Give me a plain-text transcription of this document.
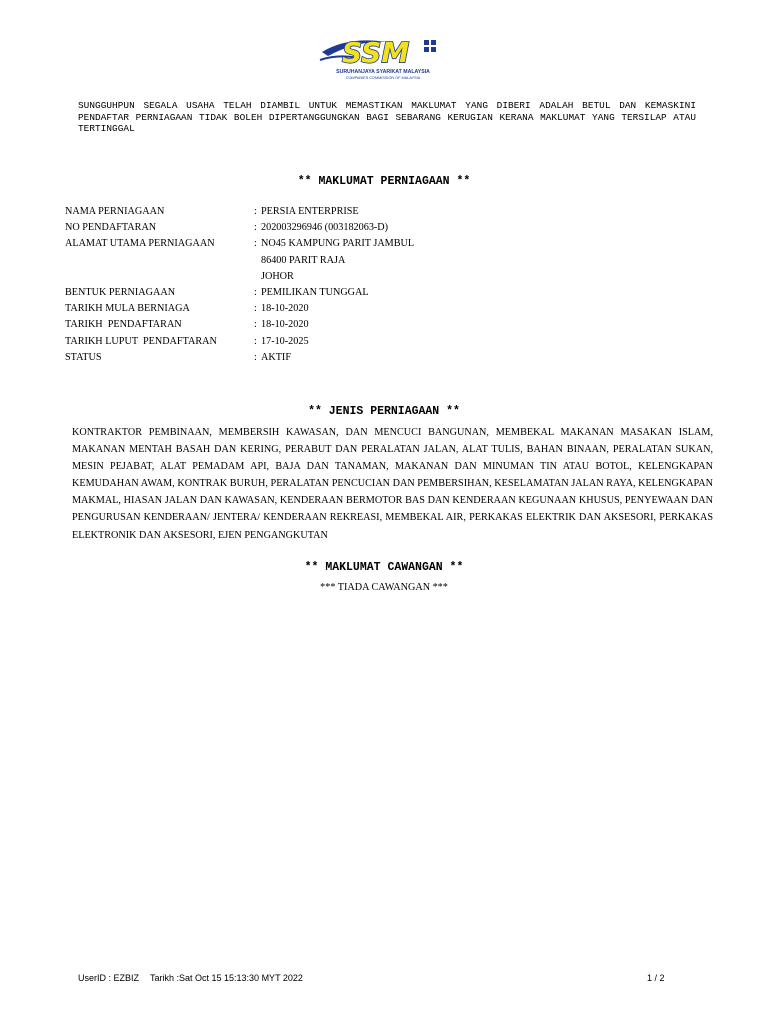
SSM
SURUHANJAYA SYARIKAT MALAYSIA
COMPANIES COMMISSION OF MALAYSIA
SUNGGUHPUN SEGALA USAHA TELAH DIAMBIL UNTUK MEMASTIKAN MAKLUMAT YANG DIBERI ADALAH BETUL DAN KEMASKINI PENDAFTAR PERNIAGAAN TIDAK BOLEH DIPERTANGGUNGKAN BAGI SEBARANG KERUGIAN KERANA MAKLUMAT YANG TERSILAP ATAU TERTINGGAL
** MAKLUMAT PERNIAGAAN **
NAMA PERNIAGAAN	: PERSIA ENTERPRISE
NO PENDAFTARAN	: 202003296946 (003182063-D)
ALAMAT UTAMA PERNIAGAAN	: NO45 KAMPUNG PARIT JAMBUL
86400 PARIT RAJA
JOHOR
BENTUK PERNIAGAAN	: PEMILIKAN TUNGGAL
TARIKH MULA BERNIAGA	: 18-10-2020
TARIKH  PENDAFTARAN	: 18-10-2020
TARIKH LUPUT  PENDAFTARAN	: 17-10-2025
STATUS	: AKTIF
** JENIS PERNIAGAAN **
KONTRAKTOR PEMBINAAN, MEMBERSIH KAWASAN, DAN MENCUCI BANGUNAN, MEMBEKAL MAKANAN MASAKAN ISLAM, MAKANAN MENTAH BASAH DAN KERING, PERABUT DAN PERALATAN JALAN, ALAT TULIS, BAHAN BINAAN, PERALATAN SUKAN, MESIN PEJABAT, ALAT PEMADAM API, BAJA DAN TANAMAN, MAKANAN DAN MINUMAN TIN ATAU BOTOL, KELENGKAPAN KEMUDAHAN AWAM, KONTRAK BURUH, PERALATAN PENCUCIAN DAN PEMBERSIHAN, KESELAMATAN JALAN RAYA, KELENGKAPAN MAKMAL, HIASAN JALAN DAN KAWASAN, KENDERAAN BERMOTOR BAS DAN KENDERAAN KEGUNAAN KHUSUS, PENYEWAAN DAN PENGURUSAN KENDERAAN/ JENTERA/ KENDERAAN REKREASI, MEMBEKAL AIR, PERKAKAS ELEKTRIK DAN AKSESORI, PERKAKAS ELEKTRONIK DAN AKSESORI, EJEN PENGANGKUTAN
** MAKLUMAT CAWANGAN **
*** TIADA CAWANGAN ***
UserID : EZBIZ Tarikh :Sat Oct 15 15:13:30 MYT 2022	1 / 2
